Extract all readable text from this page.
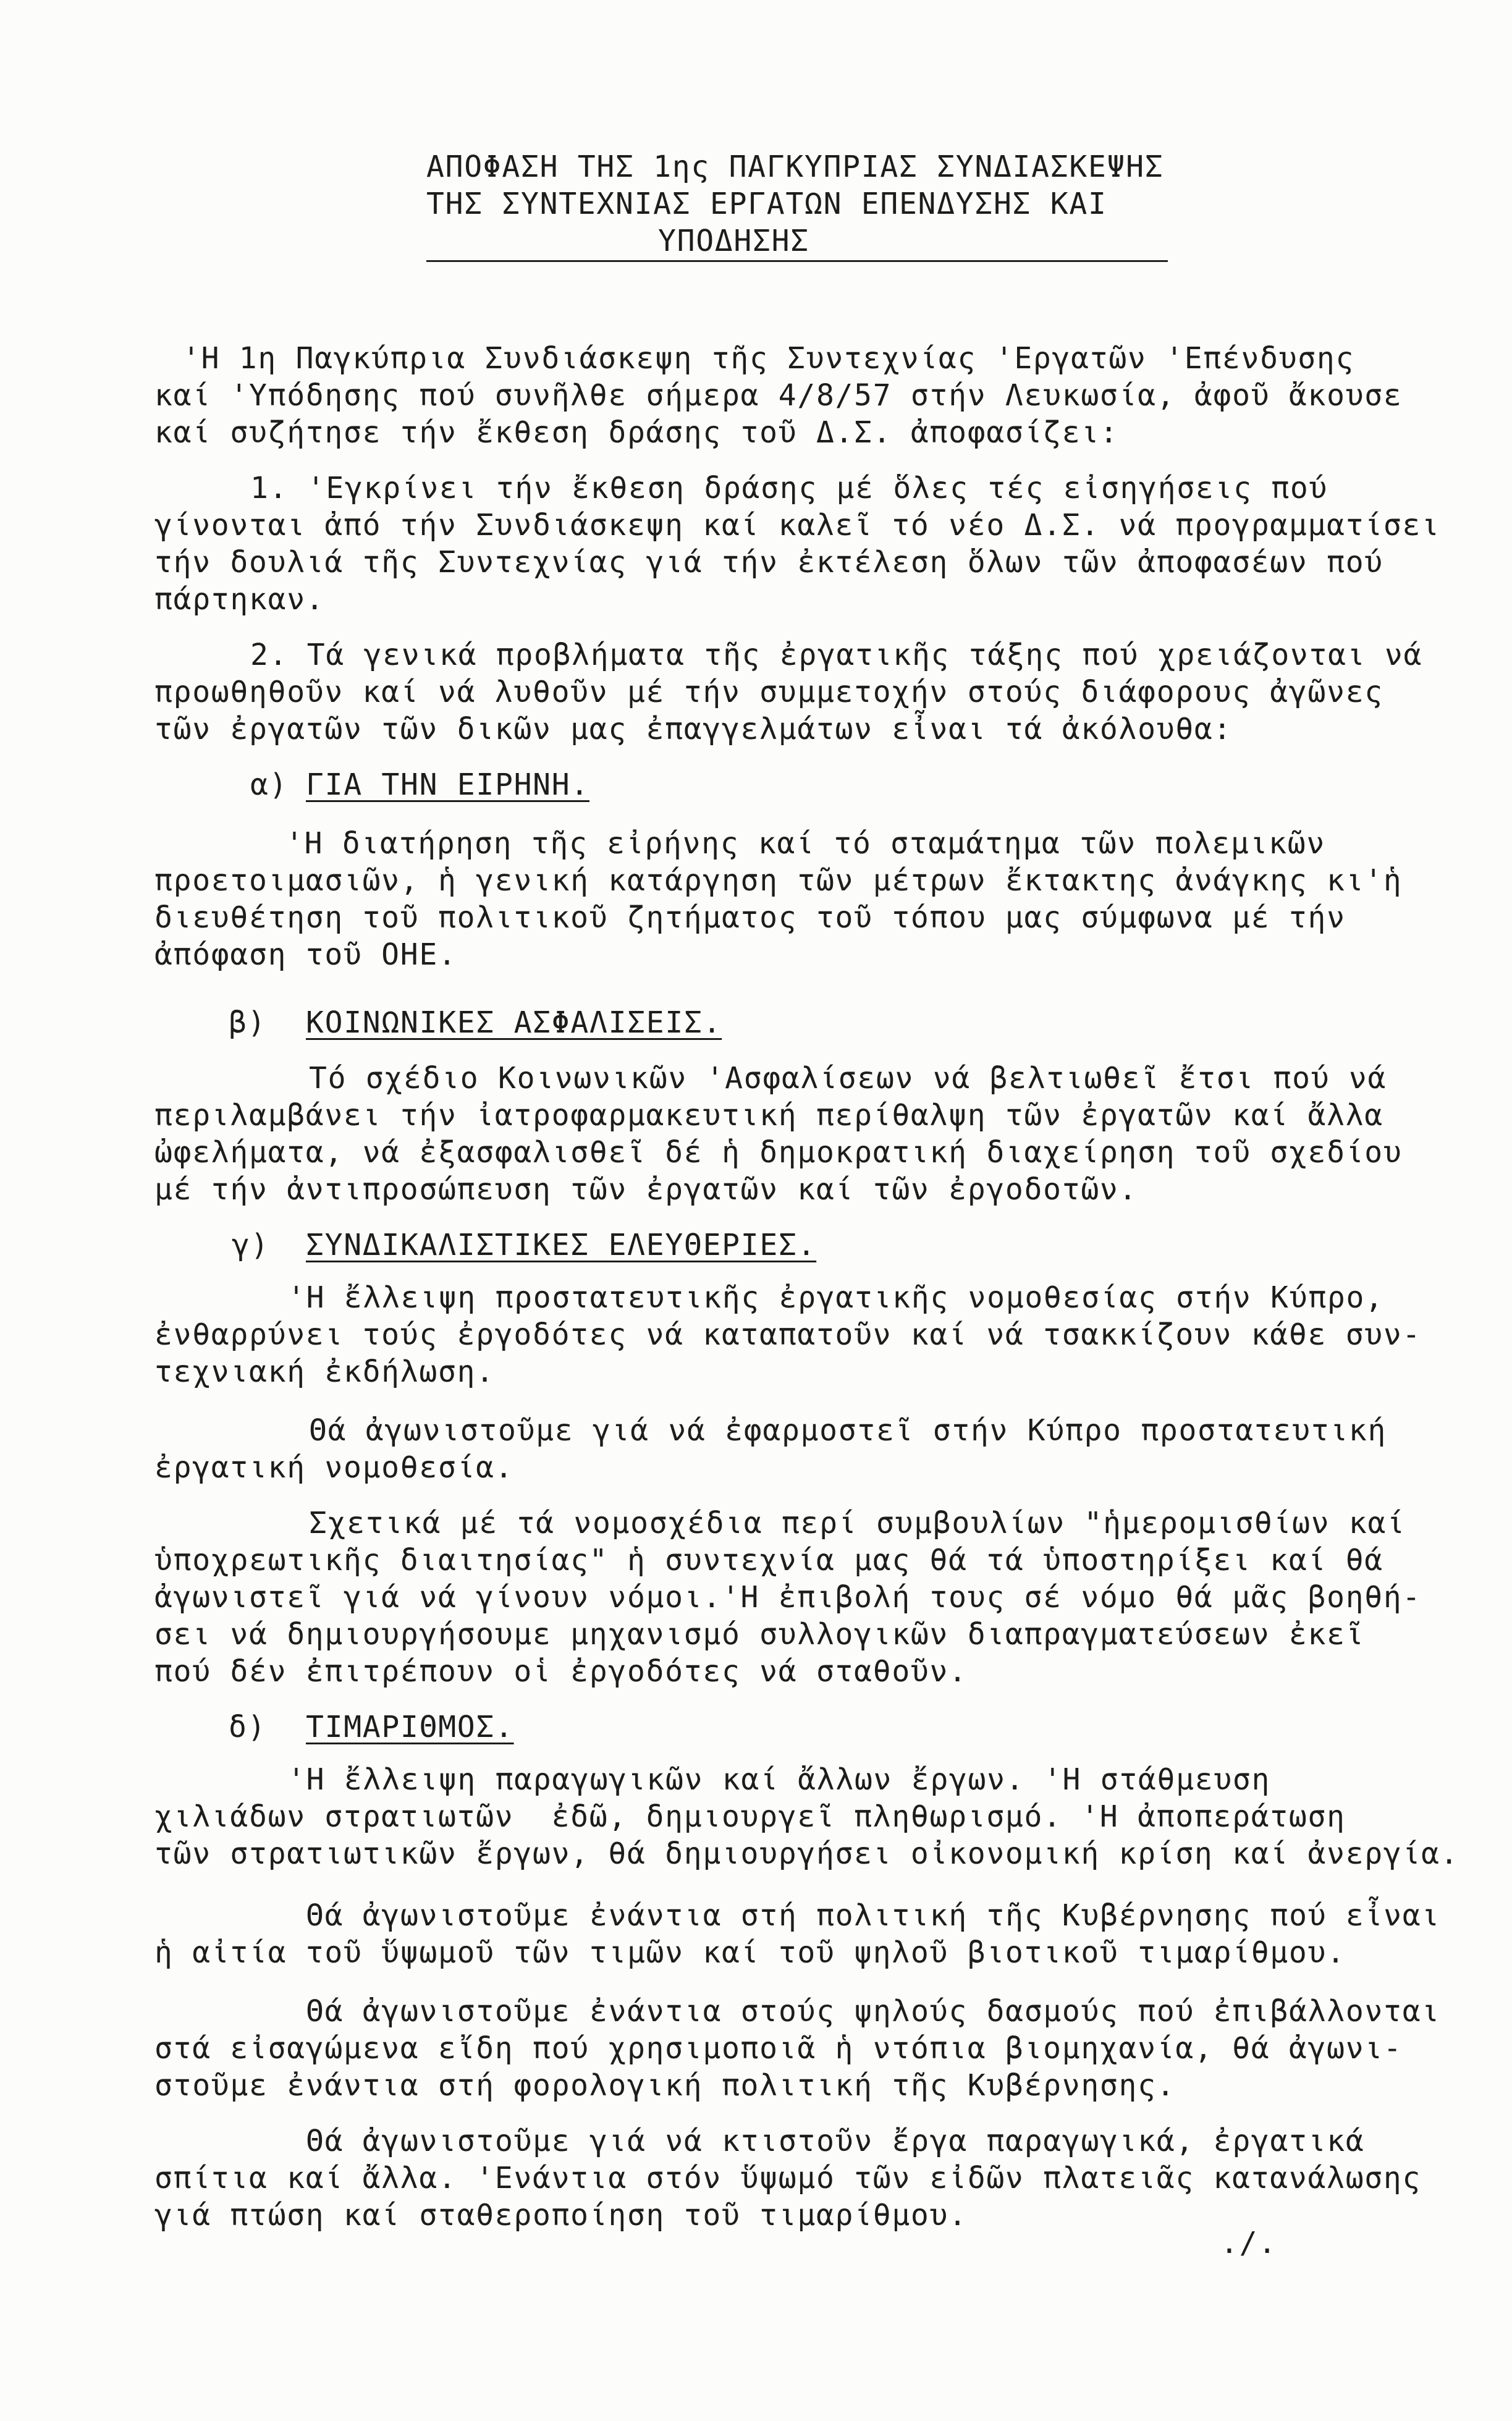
ΑΠΟΦΑΣΗ ΤΗΣ 1ης ΠΑΓΚΥΠΡΙΑΣ ΣΥΝΔΙΑΣΚΕΨΗΣ
ΤΗΣ ΣΥΝΤΕΧΝΙΑΣ ΕΡΓΑΤΩΝ ΕΠΕΝΔΥΣΗΣ ΚΑΙ
ΥΠΟΔΗΣΗΣ
'Η 1η Παγκύπρια Συνδιάσκεψη τῆς Συντεχνίας 'Εργατῶν 'Επένδυσης
καί 'Υπόδησης πού συνῆλθε σήμερα 4/8/57 στήν Λευκωσία, ἀφοῦ ἄκουσε
καί συζήτησε τήν ἔκθεση δράσης τοῦ Δ.Σ. ἀποφασίζει:
1. 'Εγκρίνει τήν ἔκθεση δράσης μέ ὅλες τές εἰσηγήσεις πού
γίνονται ἀπό τήν Συνδιάσκεψη καί καλεῖ τό νέο Δ.Σ. νά προγραμματίσει
τήν δουλιά τῆς Συντεχνίας γιά τήν ἐκτέλεση ὅλων τῶν ἀποφασέων πού
πάρτηκαν.
2. Τά γενικά προβλήματα τῆς ἐργατικῆς τάξης πού χρειάζονται νά
προωθηθοῦν καί νά λυθοῦν μέ τήν συμμετοχήν στούς διάφορους ἀγῶνες
τῶν ἐργατῶν τῶν δικῶν μας ἐπαγγελμάτων εἶναι τά ἀκόλουθα:

α)

ΓΙΑ ΤΗΝ ΕΙΡΗΝΗ.

'Η διατήρηση τῆς εἰρήνης καί τό σταμάτημα τῶν πολεμικῶν
προετοιμασιῶν, ἡ γενική κατάργηση τῶν μέτρων ἔκτακτης ἀνάγκης κι'ἡ
διευθέτηση τοῦ πολιτικοῦ ζητήματος τοῦ τόπου μας σύμφωνα μέ τήν
ἀπόφαση τοῦ ΟΗΕ.

β)

ΚΟΙΝΩΝΙΚΕΣ ΑΣΦΑΛΙΣΕΙΣ.

Τό σχέδιο Κοινωνικῶν 'Ασφαλίσεων νά βελτιωθεῖ ἔτσι πού νά
περιλαμβάνει τήν ἰατροφαρμακευτική περίθαλψη τῶν ἐργατῶν καί ἄλλα
ὠφελήματα, νά ἐξασφαλισθεῖ δέ ἡ δημοκρατική διαχείρηση τοῦ σχεδίου
μέ τήν ἀντιπροσώπευση τῶν ἐργατῶν καί τῶν ἐργοδοτῶν.

γ)

ΣΥΝΔΙΚΑΛΙΣΤΙΚΕΣ ΕΛΕΥΘΕΡΙΕΣ.

'Η ἔλλειψη προστατευτικῆς ἐργατικῆς νομοθεσίας στήν Κύπρο,
ἐνθαρρύνει τούς ἐργοδότες νά καταπατοῦν καί νά τσακκίζουν κάθε συν-
τεχνιακή ἐκδήλωση.
Θά ἀγωνιστοῦμε γιά νά ἐφαρμοστεῖ στήν Κύπρο προστατευτική
ἐργατική νομοθεσία.
Σχετικά μέ τά νομοσχέδια περί συμβουλίων "ἡμερομισθίων καί
ὑποχρεωτικῆς διαιτησίας" ἡ συντεχνία μας θά τά ὑποστηρίξει καί θά
ἀγωνιστεῖ γιά νά γίνουν νόμοι.'Η ἐπιβολή τους σέ νόμο θά μᾶς βοηθή-
σει νά δημιουργήσουμε μηχανισμό συλλογικῶν διαπραγματεύσεων ἐκεῖ
πού δέν ἐπιτρέπουν οἱ ἐργοδότες νά σταθοῦν.

δ)

ΤΙΜΑΡΙΘΜΟΣ.

'Η ἔλλειψη παραγωγικῶν καί ἄλλων ἔργων. 'Η στάθμευση
χιλιάδων στρατιωτῶν  ἐδῶ, δημιουργεῖ πληθωρισμό. 'Η ἀποπεράτωση
τῶν στρατιωτικῶν ἔργων, θά δημιουργήσει οἰκονομική κρίση καί ἀνεργία.
Θά ἀγωνιστοῦμε ἐνάντια στή πολιτική τῆς Κυβέρνησης πού εἶναι
ἡ αἰτία τοῦ ὕψωμοῦ τῶν τιμῶν καί τοῦ ψηλοῦ βιοτικοῦ τιμαρίθμου.
Θά ἀγωνιστοῦμε ἐνάντια στούς ψηλούς δασμούς πού ἐπιβάλλονται
στά εἰσαγώμενα εἴδη πού χρησιμοποιᾶ ἡ ντόπια βιομηχανία, θά ἀγωνι-
στοῦμε ἐνάντια στή φορολογική πολιτική τῆς Κυβέρνησης.
Θά ἀγωνιστοῦμε γιά νά κτιστοῦν ἔργα παραγωγικά, ἐργατικά
σπίτια καί ἄλλα. 'Ενάντια στόν ὕψωμό τῶν εἰδῶν πλατειᾶς κατανάλωσης
γιά πτώση καί σταθεροποίηση τοῦ τιμαρίθμου.
./.
